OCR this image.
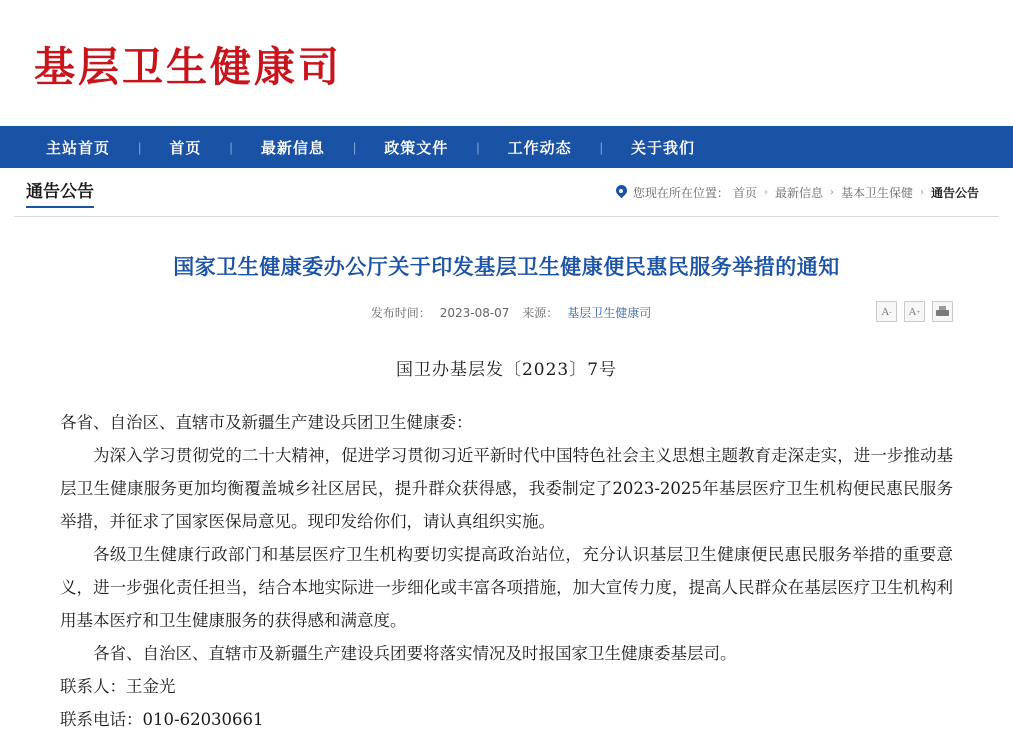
基层卫生健康司
主站首页	|	首页	|	最新信息	|	政策文件	|	工作动态	|	关于我们
通告公告	您现在所在位置： 首页 › 最新信息 › 基本卫生保健 › 通告公告
国家卫生健康委办公厅关于印发基层卫生健康便民惠民服务举措的通知
发布时间： 2023-08-07 来源： 基层卫生健康司	A - A +
国卫办基层发〔2023〕7号

各省、自治区、直辖市及新疆生产建设兵团卫生健康委：

为深入学习贯彻党的二十大精神，促进学习贯彻习近平新时代中国特色社会主义思想主题教育走深走实，进一步推动基层卫生健康服务更加均衡覆盖城乡社区居民，提升群众获得感，我委制定了2023-2025年基层医疗卫生机构便民惠民服务举措，并征求了国家医保局意见。现印发给你们，请认真组织实施。

各级卫生健康行政部门和基层医疗卫生机构要切实提高政治站位，充分认识基层卫生健康便民惠民服务举措的重要意义，进一步强化责任担当，结合本地实际进一步细化或丰富各项措施，加大宣传力度，提高人民群众在基层医疗卫生机构利用基本医疗和卫生健康服务的获得感和满意度。

各省、自治区、直辖市及新疆生产建设兵团要将落实情况及时报国家卫生健康委基层司。

联系人：王金光

联系电话：010-62030661
